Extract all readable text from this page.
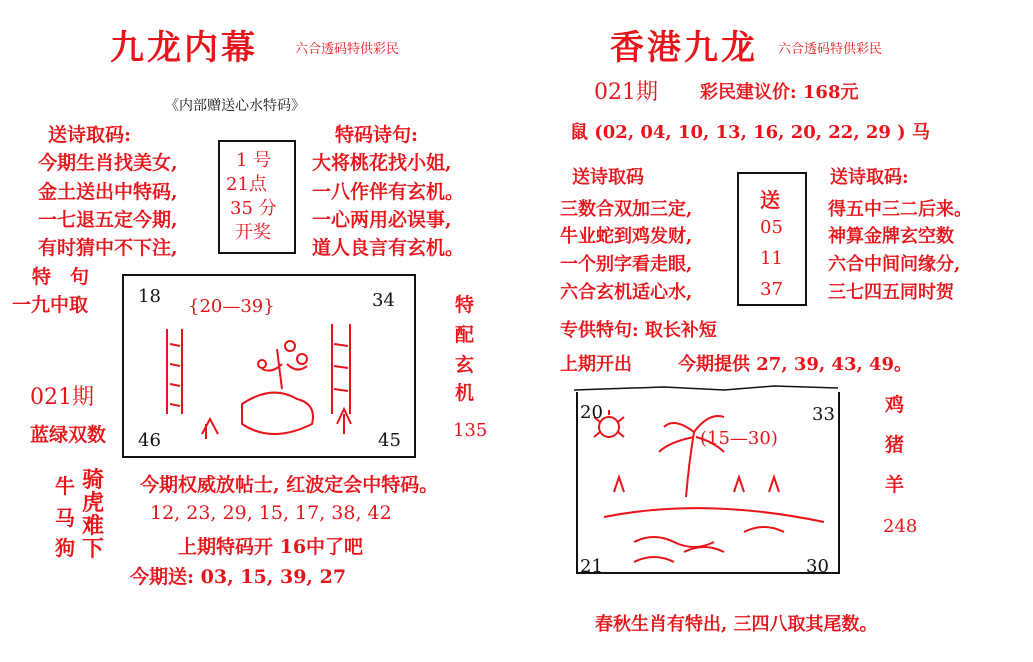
九龙内幕	六合透码特供彩民
《内部赠送心水特码》
送诗取码:
今期生肖找美女,
金土送出中特码,
一七退五定今期,
有时猜中不下注,
1 号
21点
35 分
开奖
特码诗句:
大将桃花找小姐,
一八作伴有玄机。
一心两用必误事,
道人良言有玄机。
特　句
一九中取
021期
蓝绿双数
18	34
46	45
{20—39}	特
配
玄
机
135
牛
马
狗
骑
虎
难
下
今期权威放帖士, 红波定会中特码。
12, 23, 29, 15, 17, 38, 42
上期特码开 16中了吧
今期送: 03, 15, 39, 27
香港九龙 六合透码特供彩民
021期 彩民建议价: 168元
鼠 (02, 04, 10, 13, 16, 20, 22, 29 ) 马
送诗取码
三数合双加三定,
牛业蛇到鸡发财,
一个别字看走眼,
六合玄机适心水,
送
05
11
37
送诗取码:
得五中三二后来。
神算金牌玄空数
六合中间问缘分,
三七四五同时贺
专供特句: 取长补短
上期开出	今期提供 27, 39, 43, 49。
20	33
21	30
(15—30)
鸡
猪
羊
248
春秋生肖有特出, 三四八取其尾数。
